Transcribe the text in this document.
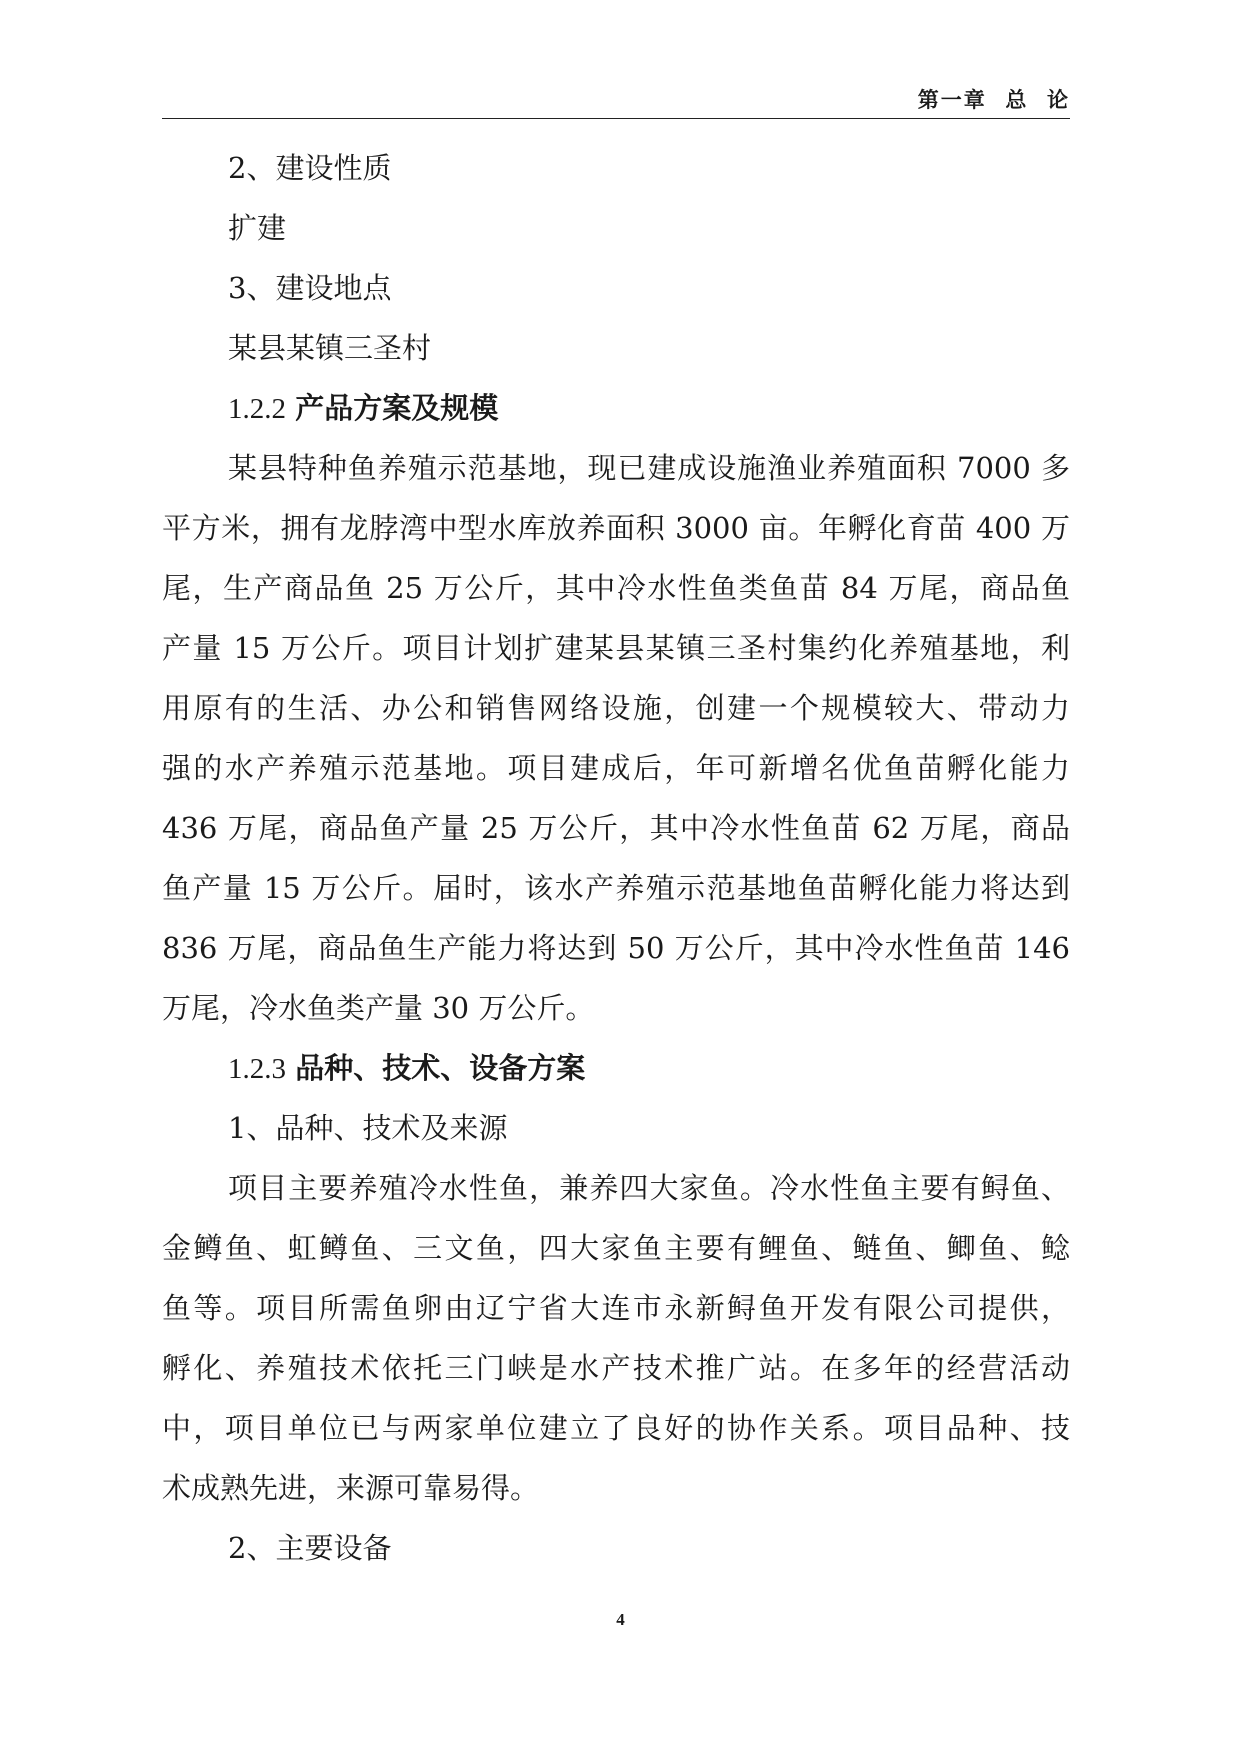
第一章  总  论
2、建设性质
扩建
3、建设地点
某县某镇三圣村
1.2.2 产品方案及规模
某县特种鱼养殖示范基地，现已建成设施渔业养殖面积 7000 多
平方米，拥有龙脖湾中型水库放养面积 3000 亩。年孵化育苗 400 万
尾，生产商品鱼 25 万公斤，其中冷水性鱼类鱼苗 84 万尾，商品鱼
产量 15 万公斤。项目计划扩建某县某镇三圣村集约化养殖基地，利
用原有的生活、办公和销售网络设施，创建一个规模较大、带动力
强的水产养殖示范基地。项目建成后，年可新增名优鱼苗孵化能力
436 万尾，商品鱼产量 25 万公斤，其中冷水性鱼苗 62 万尾，商品
鱼产量 15 万公斤。届时，该水产养殖示范基地鱼苗孵化能力将达到
836 万尾，商品鱼生产能力将达到 50 万公斤，其中冷水性鱼苗 146
万尾，冷水鱼类产量 30 万公斤。
1.2.3 品种、技术、设备方案
1、品种、技术及来源
项目主要养殖冷水性鱼，兼养四大家鱼。冷水性鱼主要有鲟鱼、
金鳟鱼、虹鳟鱼、三文鱼，四大家鱼主要有鲤鱼、鲢鱼、鲫鱼、鲶
鱼等。项目所需鱼卵由辽宁省大连市永新鲟鱼开发有限公司提供，
孵化、养殖技术依托三门峡是水产技术推广站。在多年的经营活动
中，项目单位已与两家单位建立了良好的协作关系。项目品种、技
术成熟先进，来源可靠易得。
2、主要设备
4
